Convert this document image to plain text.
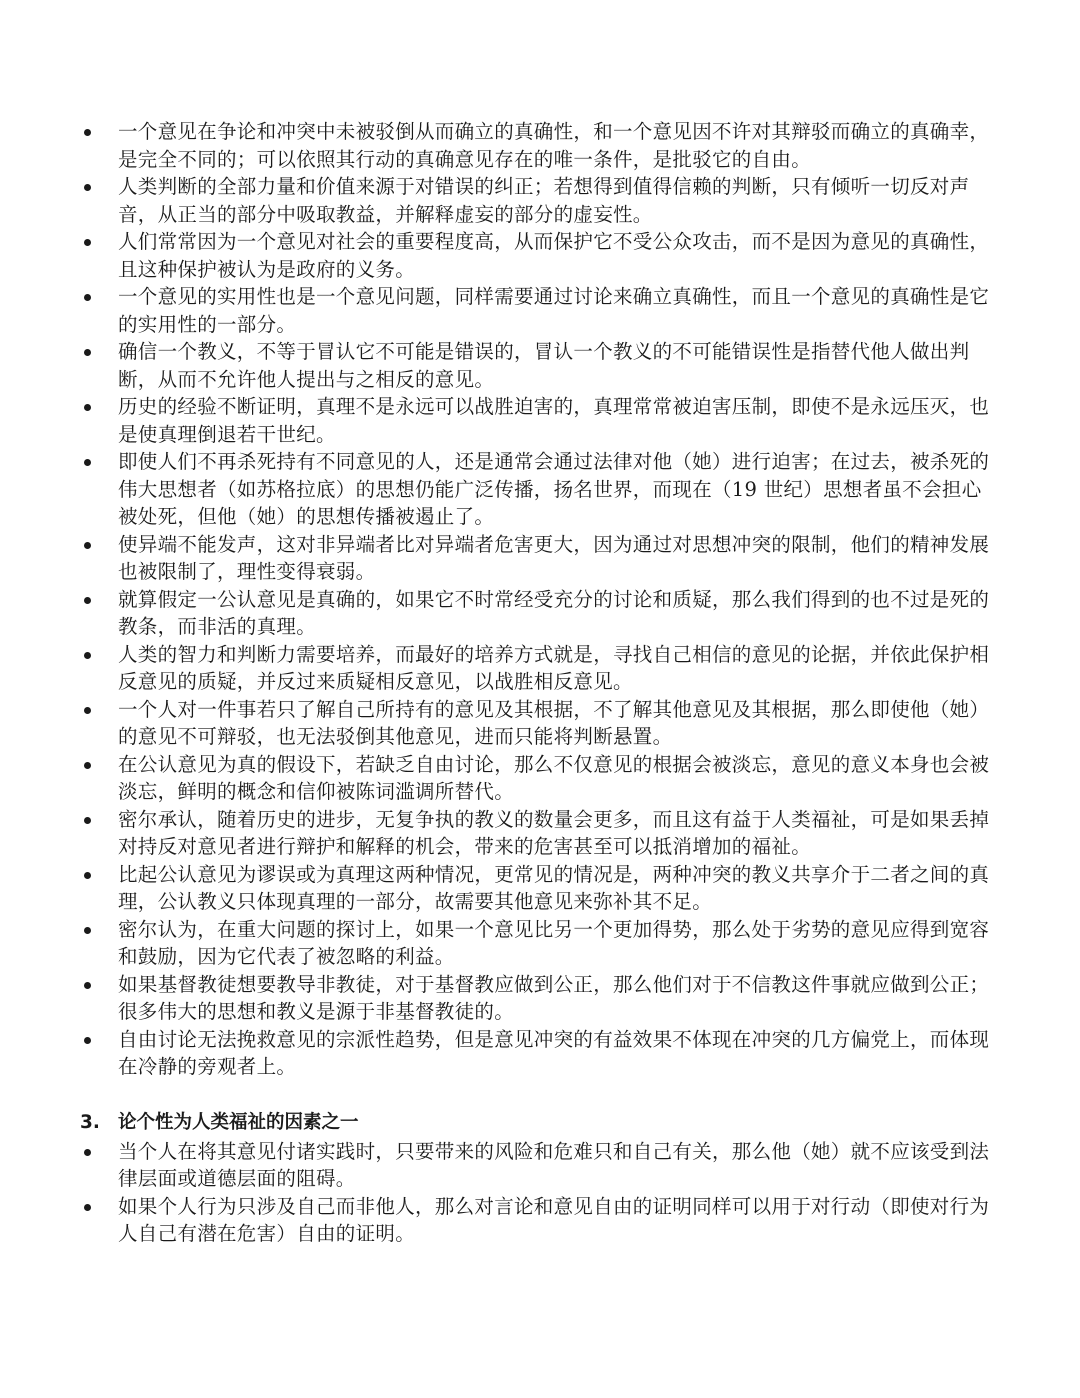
一个意见在争论和冲突中未被驳倒从而确立的真确性，和一个意见因不许对其辩驳而确立的真确幸，是完全不同的；可以依照其行动的真确意见存在的唯一条件，是批驳它的自由。
人类判断的全部力量和价值来源于对错误的纠正；若想得到值得信赖的判断，只有倾听一切反对声音，从正当的部分中吸取教益，并解释虚妄的部分的虚妄性。
人们常常因为一个意见对社会的重要程度高，从而保护它不受公众攻击，而不是因为意见的真确性，且这种保护被认为是政府的义务。
一个意见的实用性也是一个意见问题，同样需要通过讨论来确立真确性，而且一个意见的真确性是它的实用性的一部分。
确信一个教义，不等于冒认它不可能是错误的，冒认一个教义的不可能错误性是指替代他人做出判断，从而不允许他人提出与之相反的意见。
历史的经验不断证明，真理不是永远可以战胜迫害的，真理常常被迫害压制，即使不是永远压灭，也是使真理倒退若干世纪。
即使人们不再杀死持有不同意见的人，还是通常会通过法律对他（她）进行迫害；在过去，被杀死的伟大思想者（如苏格拉底）的思想仍能广泛传播，扬名世界，而现在（19 世纪）思想者虽不会担心被处死，但他（她）的思想传播被遏止了。
使异端不能发声，这对非异端者比对异端者危害更大，因为通过对思想冲突的限制，他们的精神发展也被限制了，理性变得衰弱。
就算假定一公认意见是真确的，如果它不时常经受充分的讨论和质疑，那么我们得到的也不过是死的教条，而非活的真理。
人类的智力和判断力需要培养，而最好的培养方式就是，寻找自己相信的意见的论据，并依此保护相反意见的质疑，并反过来质疑相反意见，以战胜相反意见。
一个人对一件事若只了解自己所持有的意见及其根据，不了解其他意见及其根据，那么即使他（她）的意见不可辩驳，也无法驳倒其他意见，进而只能将判断悬置。
在公认意见为真的假设下，若缺乏自由讨论，那么不仅意见的根据会被淡忘，意见的意义本身也会被淡忘，鲜明的概念和信仰被陈词滥调所替代。
密尔承认，随着历史的进步，无复争执的教义的数量会更多，而且这有益于人类福祉，可是如果丢掉对持反对意见者进行辩护和解释的机会，带来的危害甚至可以抵消增加的福祉。
比起公认意见为谬误或为真理这两种情况，更常见的情况是，两种冲突的教义共享介于二者之间的真理，公认教义只体现真理的一部分，故需要其他意见来弥补其不足。
密尔认为，在重大问题的探讨上，如果一个意见比另一个更加得势，那么处于劣势的意见应得到宽容和鼓励，因为它代表了被忽略的利益。
如果基督教徒想要教导非教徒，对于基督教应做到公正，那么他们对于不信教这件事就应做到公正；很多伟大的思想和教义是源于非基督教徒的。
自由讨论无法挽救意见的宗派性趋势，但是意见冲突的有益效果不体现在冲突的几方偏党上，而体现在冷静的旁观者上。
3. 论个性为人类福祉的因素之一
当个人在将其意见付诸实践时，只要带来的风险和危难只和自己有关，那么他（她）就不应该受到法律层面或道德层面的阻碍。
如果个人行为只涉及自己而非他人，那么对言论和意见自由的证明同样可以用于对行动（即使对行为人自己有潜在危害）自由的证明。
